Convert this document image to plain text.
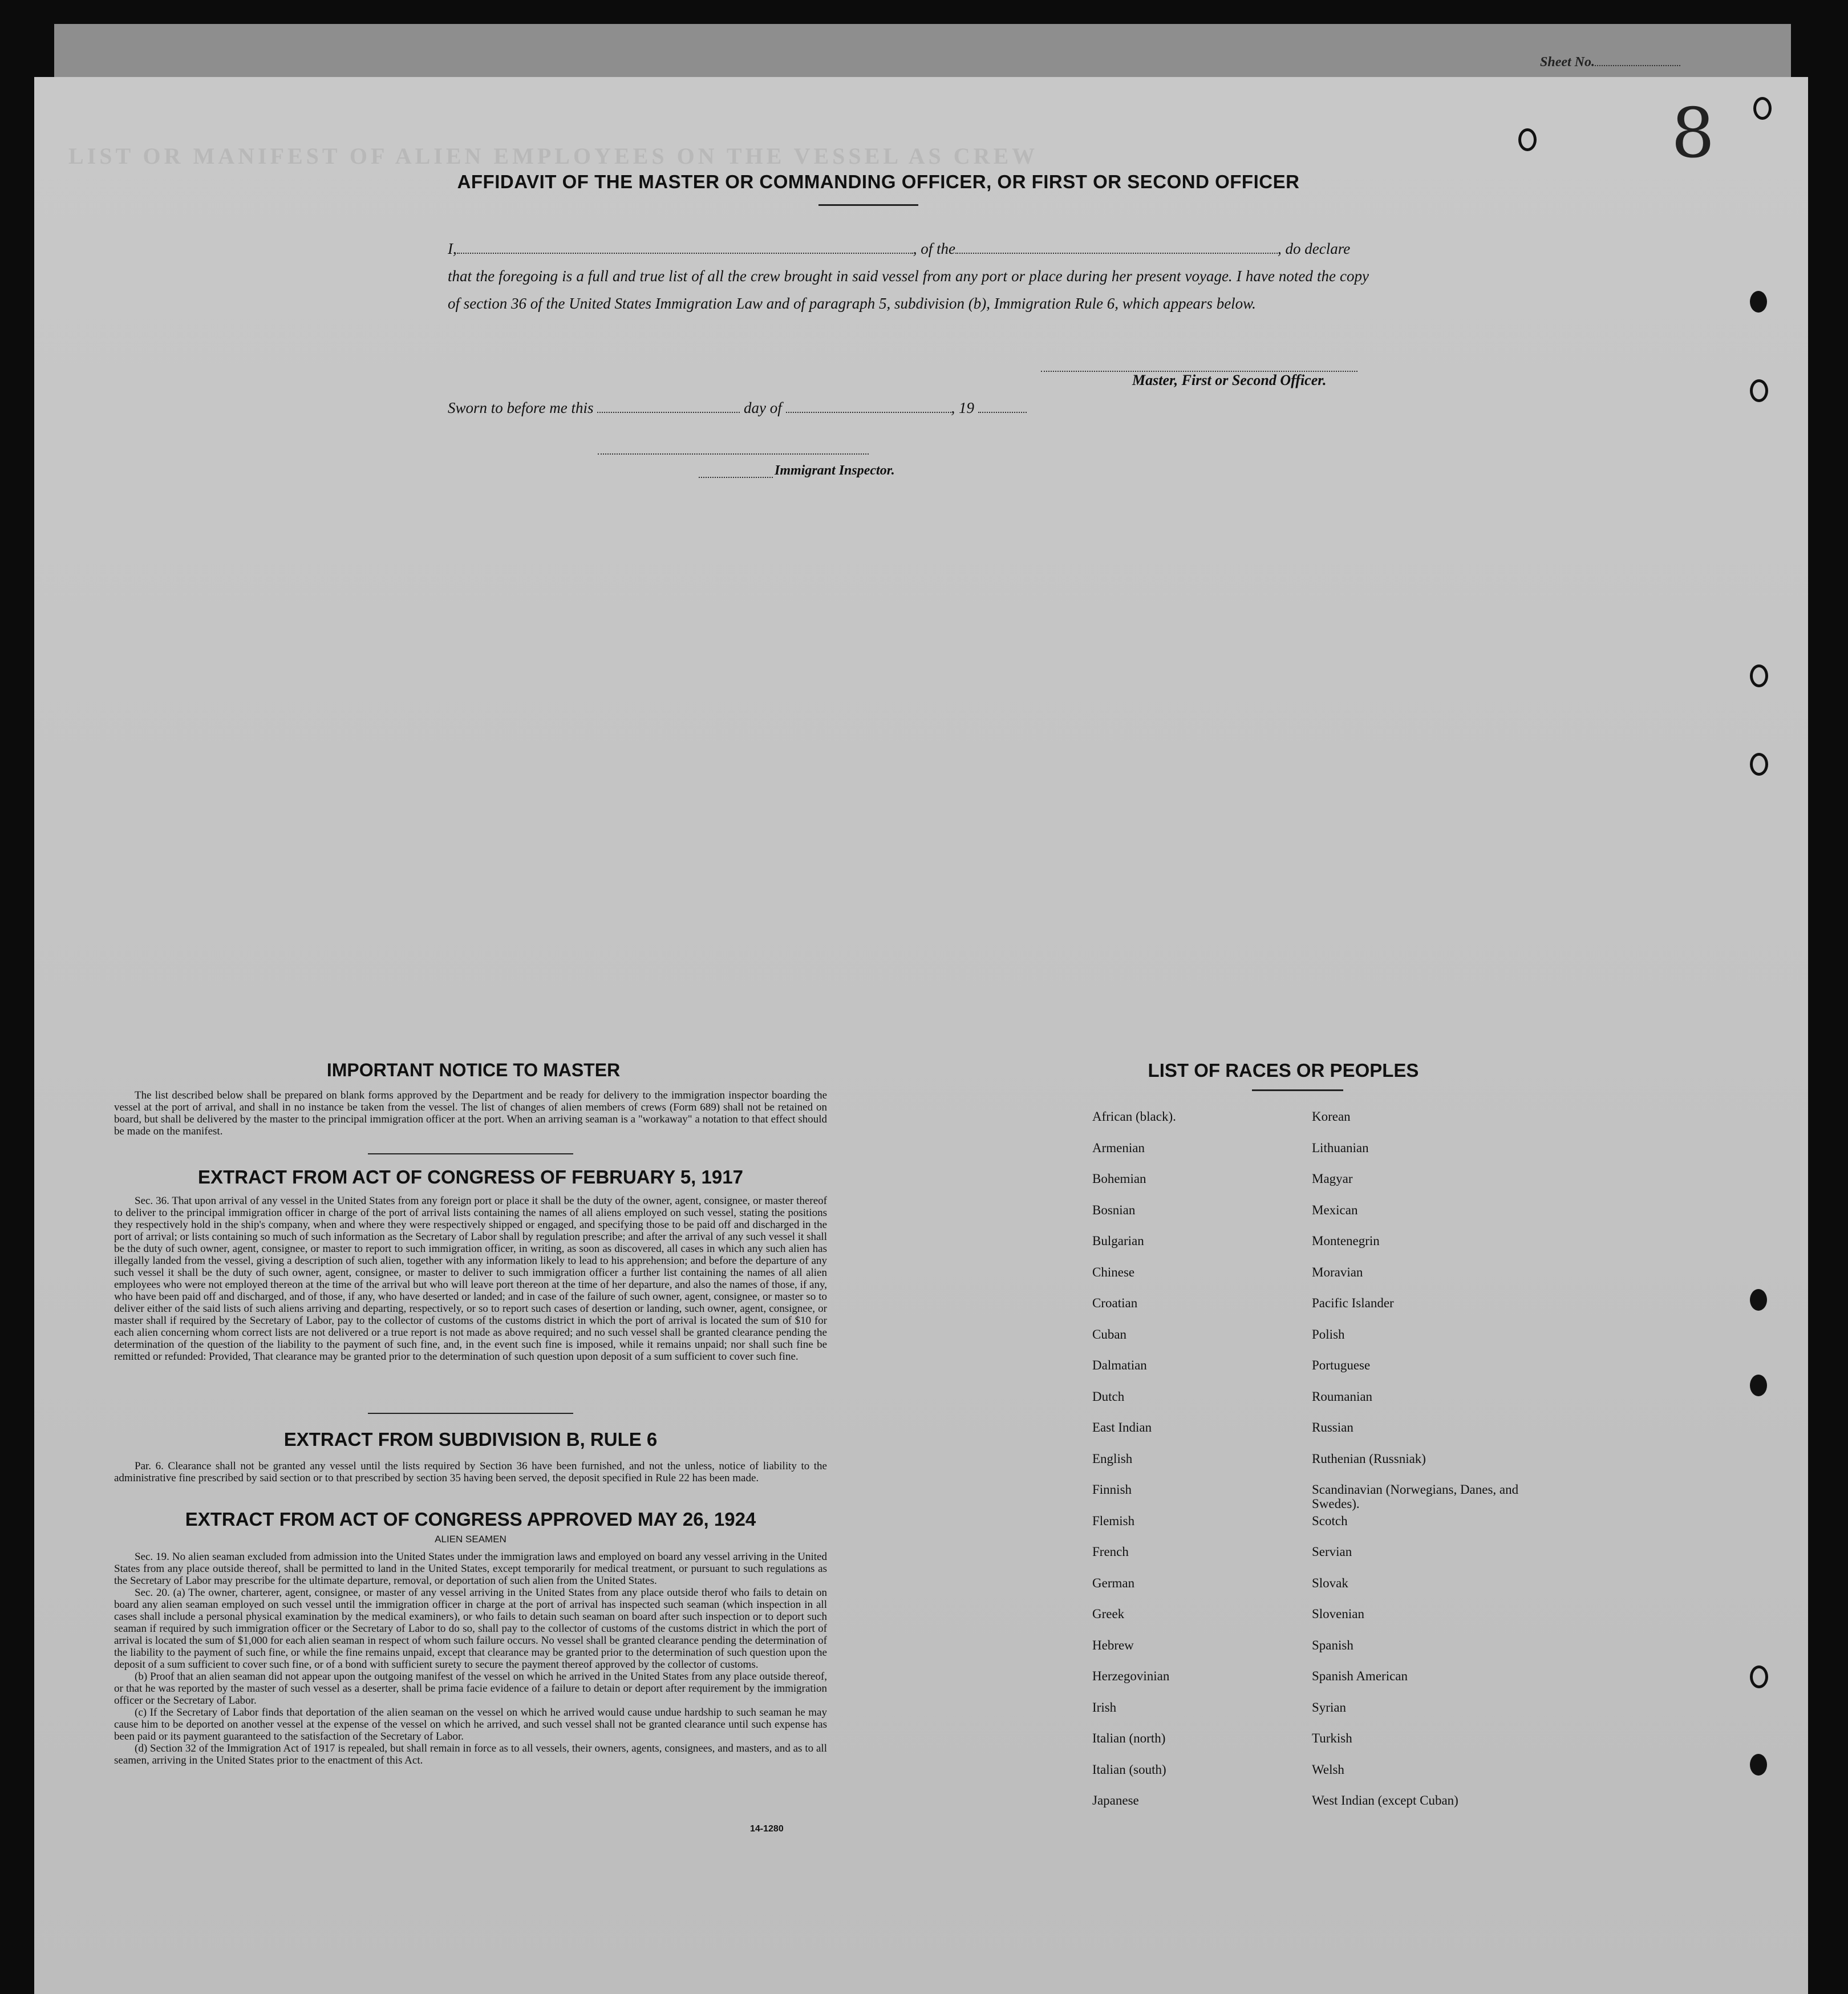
Sheet No.
LIST OR MANIFEST OF ALIEN EMPLOYEES ON THE VESSEL AS CREW	8
AFFIDAVIT OF THE MASTER OR COMMANDING OFFICER, OR FIRST OR SECOND OFFICER
I,	, of the	, do declare
that the foregoing is a full and true list of all the crew brought in said vessel from any port or place during her present voyage. I have noted the copy of section 36 of the United States Immigration Law and of paragraph 5, subdivision (b), Immigration Rule 6, which appears below.
Master, First or Second Officer.
Sworn to before me this	day of	, 19
Immigrant Inspector.
IMPORTANT NOTICE TO MASTER

The list described below shall be prepared on blank forms approved by the Department and be ready for delivery to the immigration inspector boarding the vessel at the port of arrival, and shall in no instance be taken from the vessel. The list of changes of alien members of crews (Form 689) shall not be retained on board, but shall be delivered by the master to the principal immigration officer at the port. When an arriving seaman is a "workaway" a notation to that effect should be made on the manifest.

EXTRACT FROM ACT OF CONGRESS OF FEBRUARY 5, 1917

Sec. 36. That upon arrival of any vessel in the United States from any foreign port or place it shall be the duty of the owner, agent, consignee, or master thereof to deliver to the principal immigration officer in charge of the port of arrival lists containing the names of all aliens employed on such vessel, stating the positions they respectively hold in the ship's company, when and where they were respectively shipped or engaged, and specifying those to be paid off and discharged in the port of arrival; or lists containing so much of such information as the Secretary of Labor shall by regulation prescribe; and after the arrival of any such vessel it shall be the duty of such owner, agent, consignee, or master to report to such immigration officer, in writing, as soon as discovered, all cases in which any such alien has illegally landed from the vessel, giving a description of such alien, together with any information likely to lead to his apprehension; and before the departure of any such vessel it shall be the duty of such owner, agent, consignee, or master to deliver to such immigration officer a further list containing the names of all alien employees who were not employed thereon at the time of the arrival but who will leave port thereon at the time of her departure, and also the names of those, if any, who have been paid off and discharged, and of those, if any, who have deserted or landed; and in case of the failure of such owner, agent, consignee, or master so to deliver either of the said lists of such aliens arriving and departing, respectively, or so to report such cases of desertion or landing, such owner, agent, consignee, or master shall if required by the Secretary of Labor, pay to the collector of customs of the customs district in which the port of arrival is located the sum of $10 for each alien concerning whom correct lists are not delivered or a true report is not made as above required; and no such vessel shall be granted clearance pending the determination of the question of the liability to the payment of such fine, and, in the event such fine is imposed, while it remains unpaid; nor shall such fine be remitted or refunded: Provided, That clearance may be granted prior to the determination of such question upon deposit of a sum sufficient to cover such fine.

EXTRACT FROM SUBDIVISION B, RULE 6

Par. 6. Clearance shall not be granted any vessel until the lists required by Section 36 have been furnished, and not the unless, notice of liability to the administrative fine prescribed by said section or to that prescribed by section 35 having been served, the deposit specified in Rule 22 has been made.

EXTRACT FROM ACT OF CONGRESS APPROVED MAY 26, 1924
ALIEN SEAMEN

Sec. 19. No alien seaman excluded from admission into the United States under the immigration laws and employed on board any vessel arriving in the United States from any place outside thereof, shall be permitted to land in the United States, except temporarily for medical treatment, or pursuant to such regulations as the Secretary of Labor may prescribe for the ultimate departure, removal, or deportation of such alien from the United States.

Sec. 20. (a) The owner, charterer, agent, consignee, or master of any vessel arriving in the United States from any place outside therof who fails to detain on board any alien seaman employed on such vessel until the immigration officer in charge at the port of arrival has inspected such seaman (which inspection in all cases shall include a personal physical examination by the medical examiners), or who fails to detain such seaman on board after such inspection or to deport such seaman if required by such immigration officer or the Secretary of Labor to do so, shall pay to the collector of customs of the customs district in which the port of arrival is located the sum of $1,000 for each alien seaman in respect of whom such failure occurs. No vessel shall be granted clearance pending the determination of the liability to the payment of such fine, or while the fine remains unpaid, except that clearance may be granted prior to the determination of such question upon the deposit of a sum sufficient to cover such fine, or of a bond with sufficient surety to secure the payment thereof approved by the collector of customs.

(b) Proof that an alien seaman did not appear upon the outgoing manifest of the vessel on which he arrived in the United States from any place outside thereof, or that he was reported by the master of such vessel as a deserter, shall be prima facie evidence of a failure to detain or deport after requirement by the immigration officer or the Secretary of Labor.

(c) If the Secretary of Labor finds that deportation of the alien seaman on the vessel on which he arrived would cause undue hardship to such seaman he may cause him to be deported on another vessel at the expense of the vessel on which he arrived, and such vessel shall not be granted clearance until such expense has been paid or its payment guaranteed to the satisfaction of the Secretary of Labor.

(d) Section 32 of the Immigration Act of 1917 is repealed, but shall remain in force as to all vessels, their owners, agents, consignees, and masters, and as to all seamen, arriving in the United States prior to the enactment of this Act.

14-1280
LIST OF RACES OR PEOPLES
African (black).	Korean
Armenian	Lithuanian
Bohemian	Magyar
Bosnian	Mexican
Bulgarian	Montenegrin
Chinese	Moravian
Croatian	Pacific Islander
Cuban	Polish
Dalmatian	Portuguese
Dutch	Roumanian
East Indian	Russian
English	Ruthenian (Russniak)
Finnish	Scandinavian (Norwegians, Danes, and Swedes).
Flemish	Scotch
French	Servian
German	Slovak
Greek	Slovenian
Hebrew	Spanish
Herzegovinian	Spanish American
Irish	Syrian
Italian (north)	Turkish
Italian (south)	Welsh
Japanese	West Indian (except Cuban)
